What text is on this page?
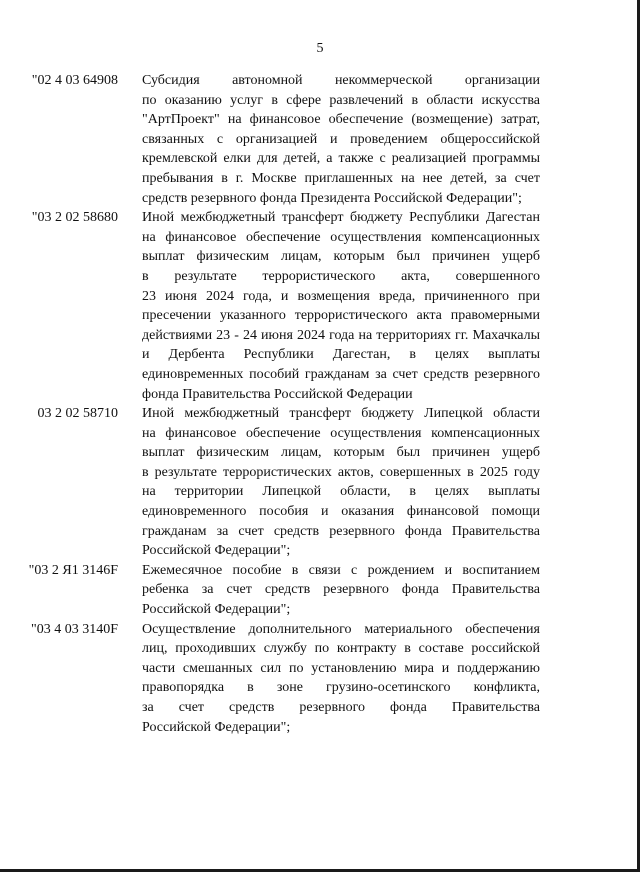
5
"02 4 03 64908	Субсидия автономной некоммерческой организации
по оказанию услуг в сфере развлечений в области искусства
"АртПроект" на финансовое обеспечение (возмещение) затрат,
связанных с организацией и проведением общероссийской
кремлевской елки для детей, а также с реализацией программы
пребывания в г. Москве приглашенных на нее детей, за счет
средств резервного фонда Президента Российской Федерации";
"03 2 02 58680	Иной межбюджетный трансферт бюджету Республики Дагестан
на финансовое обеспечение осуществления компенсационных
выплат физическим лицам, которым был причинен ущерб
в результате террористического акта, совершенного
23 июня 2024 года, и возмещения вреда, причиненного при
пресечении указанного террористического акта правомерными
действиями 23 - 24 июня 2024 года на территориях гг. Махачкалы
и Дербента Республики Дагестан, в целях выплаты
единовременных пособий гражданам за счет средств резервного
фонда Правительства Российской Федерации
03 2 02 58710	Иной межбюджетный трансферт бюджету Липецкой области
на финансовое обеспечение осуществления компенсационных
выплат физическим лицам, которым был причинен ущерб
в результате террористических актов, совершенных в 2025 году
на территории Липецкой области, в целях выплаты
единовременного пособия и оказания финансовой помощи
гражданам за счет средств резервного фонда Правительства
Российской Федерации";
"03 2 Я1 3146F	Ежемесячное пособие в связи с рождением и воспитанием
ребенка за счет средств резервного фонда Правительства
Российской Федерации";
"03 4 03 3140F	Осуществление дополнительного материального обеспечения
лиц, проходивших службу по контракту в составе российской
части смешанных сил по установлению мира и поддержанию
правопорядка в зоне грузино-осетинского конфликта,
за счет средств резервного фонда Правительства
Российской Федерации";
